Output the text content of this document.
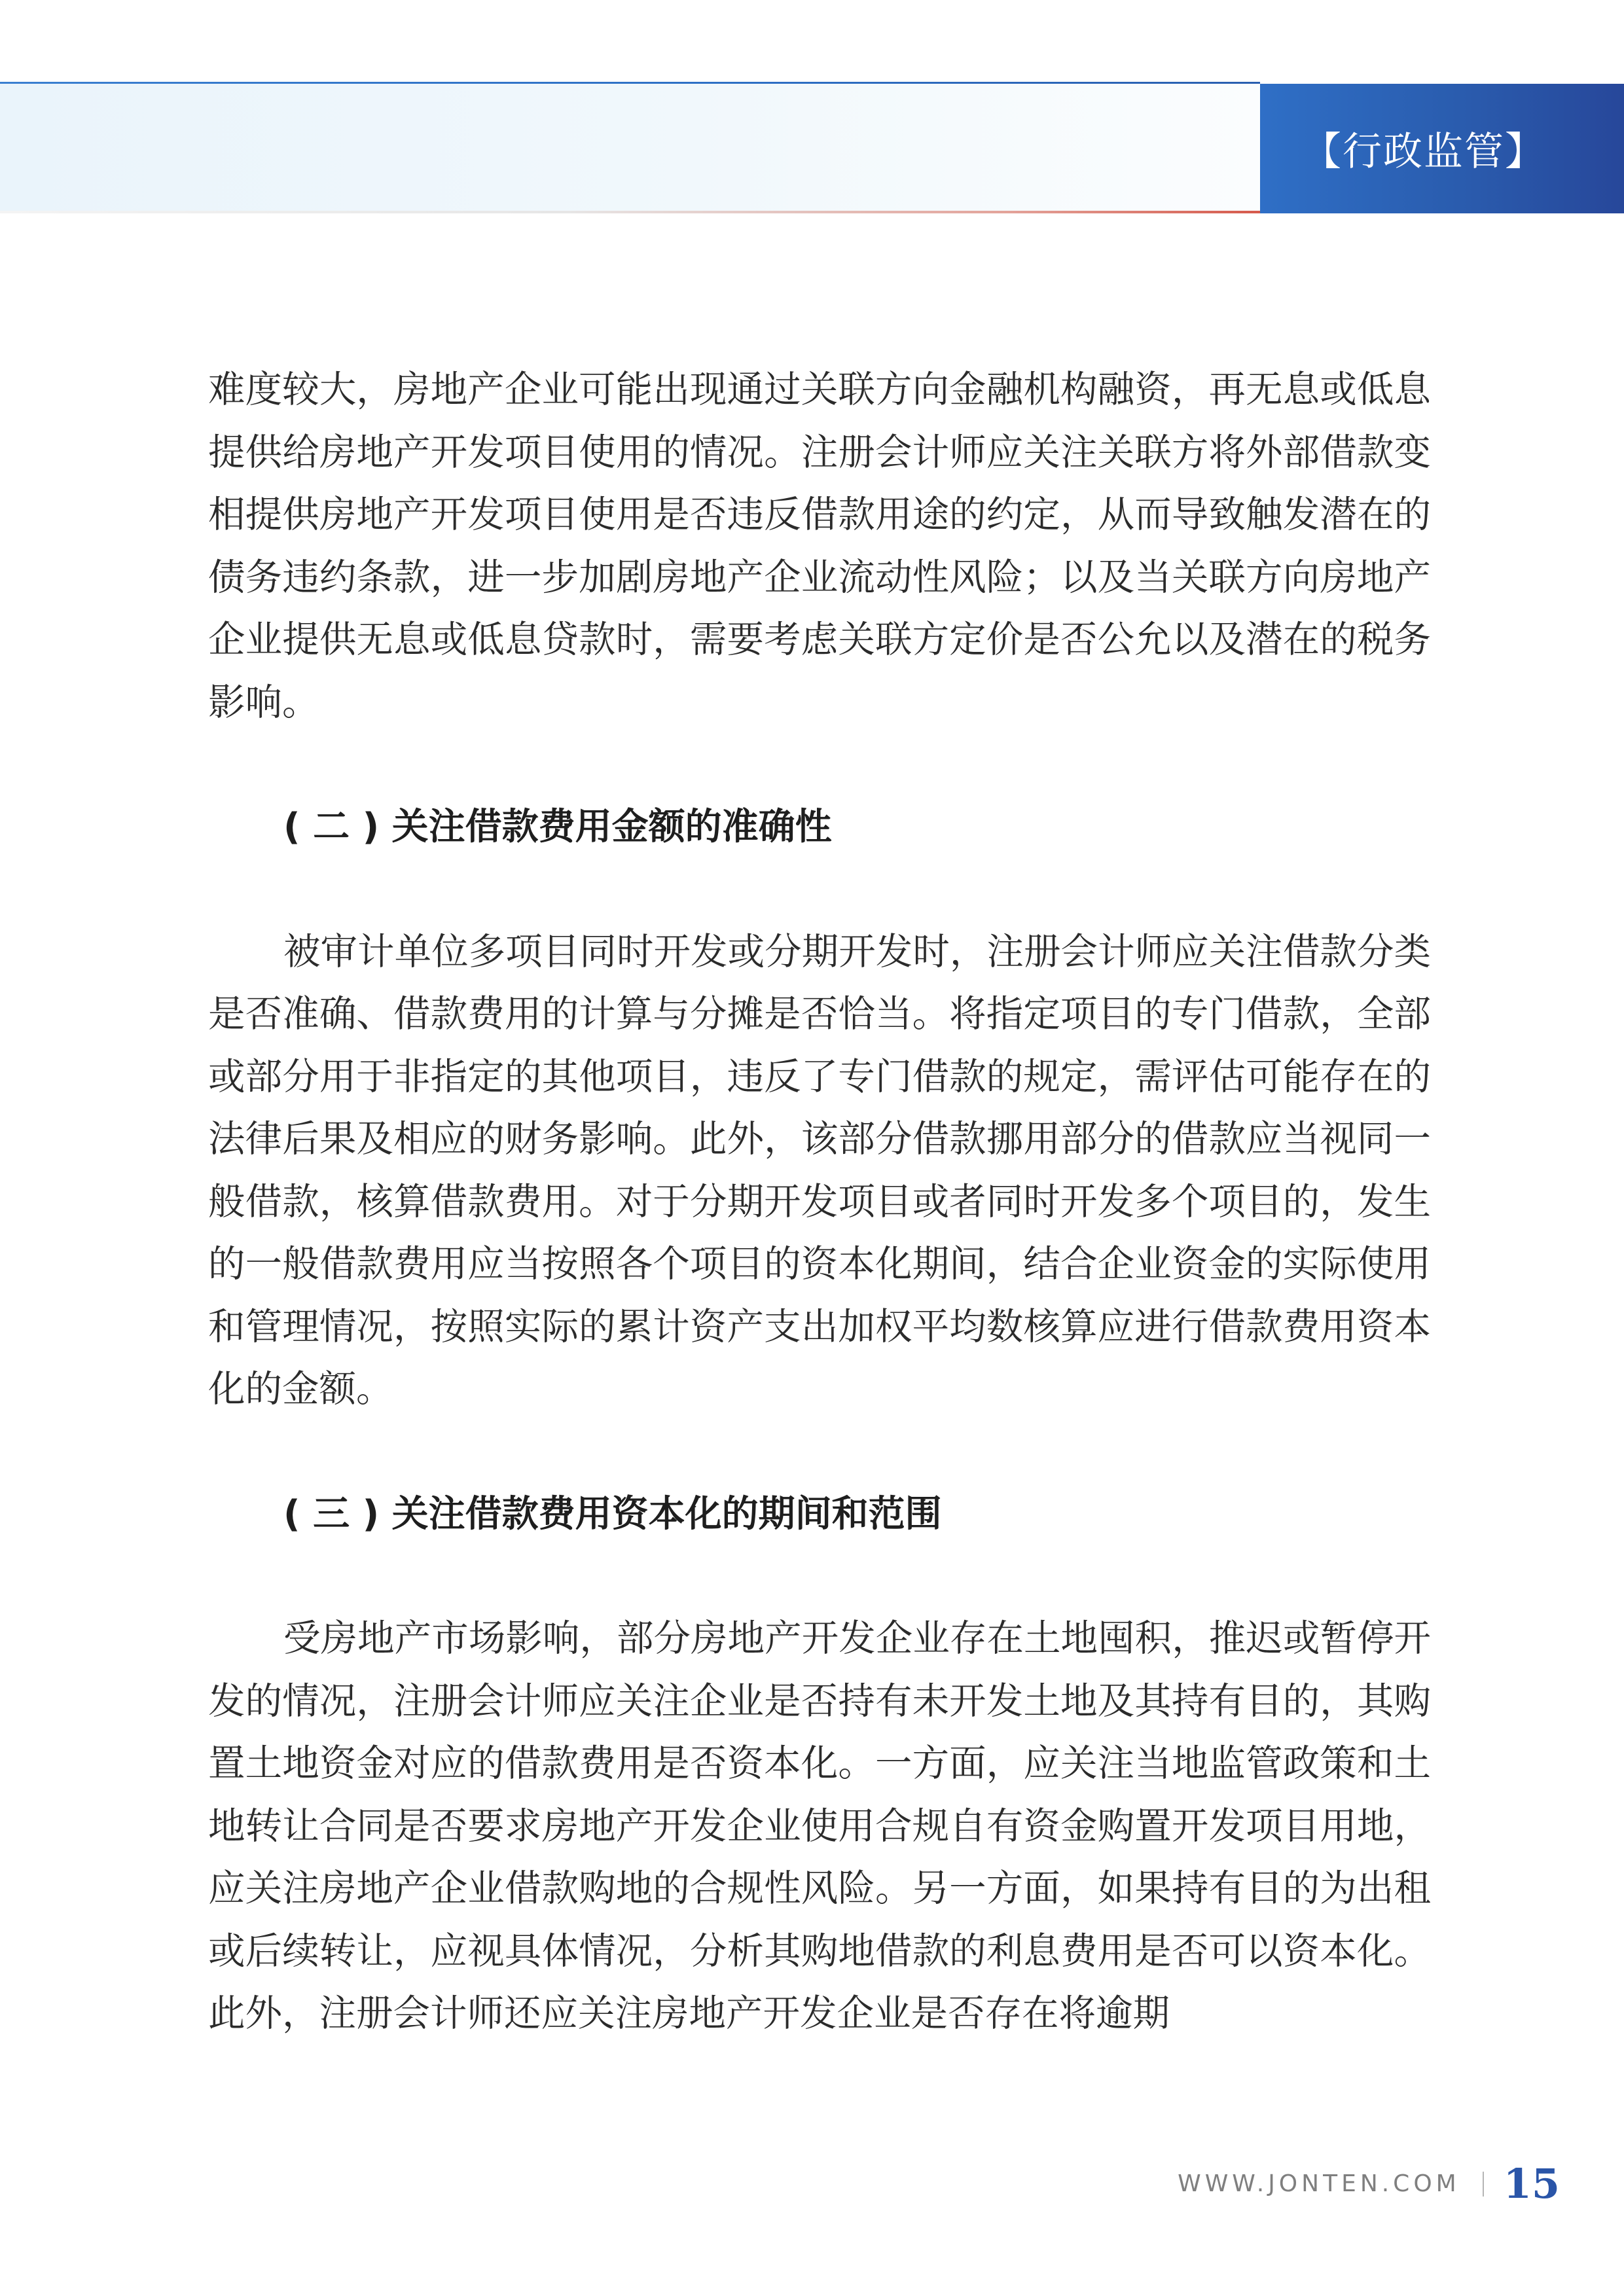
【行政监管】

难度较大，房地产企业可能出现通过关联方向金融机构融资，再无息或低息提供给房地产开发项目使用的情况。注册会计师应关注关联方将外部借款变相提供房地产开发项目使用是否违反借款用途的约定，从而导致触发潜在的债务违约条款，进一步加剧房地产企业流动性风险；以及当关联方向房地产企业提供无息或低息贷款时，需要考虑关联方定价是否公允以及潜在的税务影响。

( 二 ) 关注借款费用金额的准确性

被审计单位多项目同时开发或分期开发时，注册会计师应关注借款分类是否准确、借款费用的计算与分摊是否恰当。将指定项目的专门借款，全部或部分用于非指定的其他项目，违反了专门借款的规定，需评估可能存在的法律后果及相应的财务影响。此外，该部分借款挪用部分的借款应当视同一般借款，核算借款费用。对于分期开发项目或者同时开发多个项目的，发生的一般借款费用应当按照各个项目的资本化期间，结合企业资金的实际使用和管理情况，按照实际的累计资产支出加权平均数核算应进行借款费用资本化的金额。

( 三 ) 关注借款费用资本化的期间和范围

受房地产市场影响，部分房地产开发企业存在土地囤积，推迟或暂停开发的情况，注册会计师应关注企业是否持有未开发土地及其持有目的，其购置土地资金对应的借款费用是否资本化。一方面，应关注当地监管政策和土地转让合同是否要求房地产开发企业使用合规自有资金购置开发项目用地，应关注房地产企业借款购地的合规性风险。另一方面，如果持有目的为出租或后续转让，应视具体情况，分析其购地借款的利息费用是否可以资本化。此外，注册会计师还应关注房地产开发企业是否存在将逾期

WWW.JONTEN.COM 15
